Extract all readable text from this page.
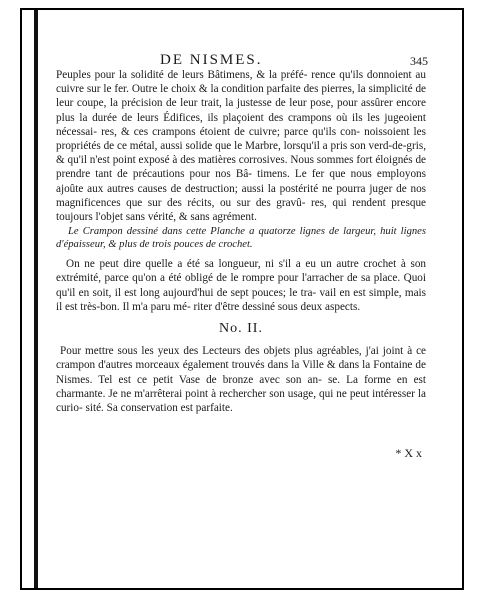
DE NISMES.	345

Peuples pour la solidité de leurs Bâtimens, & la préfé- rence qu'ils donnoient au cuivre sur le fer. Outre le choix & la condition parfaite des pierres, la simplicité de leur coupe, la précision de leur trait, la justesse de leur pose, pour assûrer encore plus la durée de leurs Édifices, ils plaçoient des crampons où ils les jugeoient nécessai- res, & ces crampons étoient de cuivre; parce qu'ils con- noissoient les propriétés de ce métal, aussi solide que le Marbre, lorsqu'il a pris son verd-de-gris, & qu'il n'est point exposé à des matières corrosives. Nous sommes fort éloignés de prendre tant de précautions pour nos Bâ- timens. Le fer que nous employons ajoûte aux autres causes de destruction; aussi la postérité ne pourra juger de nos magnificences que sur des récits, ou sur des gravû- res, qui rendent presque toujours l'objet sans vérité, & sans agrément.

Le Crampon dessiné dans cette Planche a quatorze lignes de largeur, huit lignes d'épaisseur, & plus de trois pouces de crochet.

On ne peut dire quelle a été sa longueur, ni s'il a eu un autre crochet à son extrémité, parce qu'on a été obligé de le rompre pour l'arracher de sa place. Quoi qu'il en soit, il est long aujourd'hui de sept pouces; le tra- vail en est simple, mais il est très-bon. Il m'a paru mé- riter d'être dessiné sous deux aspects.

No. II.

Pour mettre sous les yeux des Lecteurs des objets plus agréables, j'ai joint à ce crampon d'autres morceaux également trouvés dans la Ville & dans la Fontaine de Nismes. Tel est ce petit Vase de bronze avec son an- se. La forme en est charmante. Je ne m'arrêterai point à rechercher son usage, qui ne peut intéresser la curio- sité. Sa conservation est parfaite.

* X x
